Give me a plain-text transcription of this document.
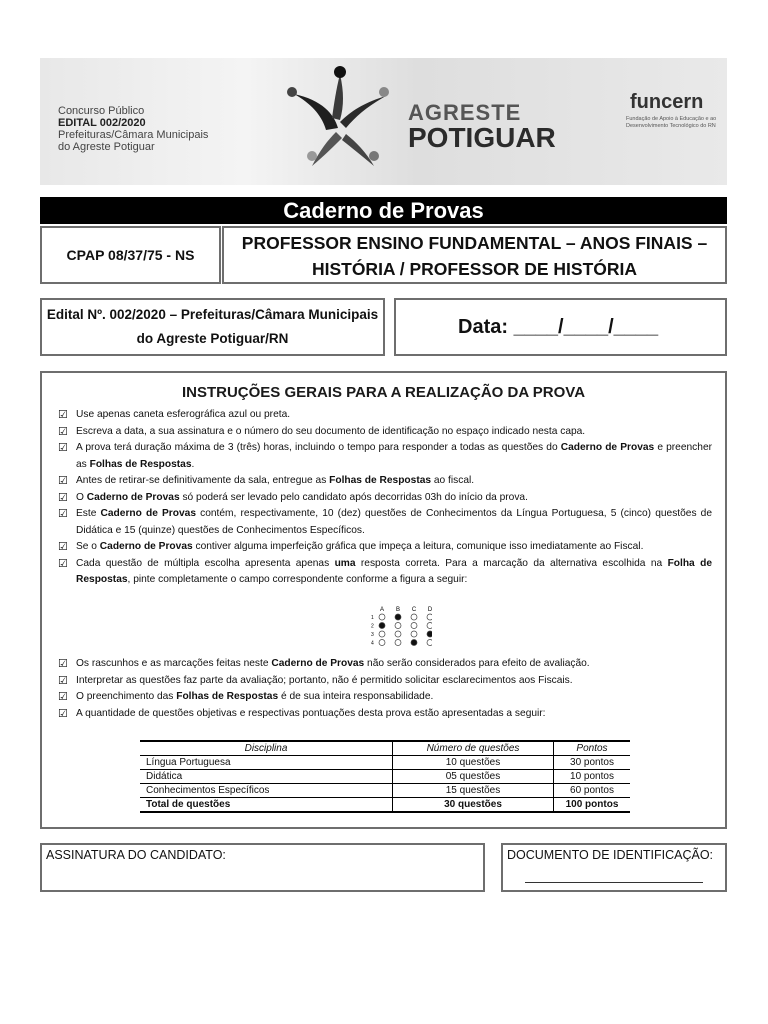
Concurso Público
EDITAL 002/2020
Prefeituras/Câmara Municipais
do Agreste Potiguar
AGRESTE
POTIGUAR
funcern
Fundação de Apoio à Educação e ao Desenvolvimento Tecnológico do RN
Caderno de Provas
CPAP 08/37/75 - NS
PROFESSOR ENSINO FUNDAMENTAL – ANOS FINAIS – HISTÓRIA / PROFESSOR DE HISTÓRIA
Edital Nº. 002/2020 – Prefeituras/Câmara Municipais do Agreste Potiguar/RN
Data: ____/____/____
INSTRUÇÕES GERAIS PARA A REALIZAÇÃO DA PROVA
☑ Use apenas caneta esferográfica azul ou preta.
☑ Escreva a data, a sua assinatura e o número do seu documento de identificação no espaço indicado nesta capa.
☑ A prova terá duração máxima de 3 (três) horas, incluindo o tempo para responder a todas as questões do Caderno de Provas e preencher as Folhas de Respostas.
☑ Antes de retirar-se definitivamente da sala, entregue as Folhas de Respostas ao fiscal.
☑ O Caderno de Provas só poderá ser levado pelo candidato após decorridas 03h do início da prova.
☑ Este Caderno de Provas contém, respectivamente, 10 (dez) questões de Conhecimentos da Língua Portuguesa, 5 (cinco) questões de Didática e 15 (quinze) questões de Conhecimentos Específicos.
☑ Se o Caderno de Provas contiver alguma imperfeição gráfica que impeça a leitura, comunique isso imediatamente ao Fiscal.
☑ Cada questão de múltipla escolha apresenta apenas uma resposta correta. Para a marcação da alternativa escolhida na Folha de Respostas, pinte completamente o campo correspondente conforme a figura a seguir:
A B C D
1
2
3
4
☑ Os rascunhos e as marcações feitas neste Caderno de Provas não serão considerados para efeito de avaliação.
☑ Interpretar as questões faz parte da avaliação; portanto, não é permitido solicitar esclarecimentos aos Fiscais.
☑ O preenchimento das Folhas de Respostas é de sua inteira responsabilidade.
☑ A quantidade de questões objetivas e respectivas pontuações desta prova estão apresentadas a seguir:
Disciplina	Número de questões	Pontos
Língua Portuguesa	10 questões	30 pontos
Didática	05 questões	10 pontos
Conhecimentos Específicos	15 questões	60 pontos
Total de questões	30 questões	100 pontos
ASSINATURA DO CANDIDATO:	DOCUMENTO DE IDENTIFICAÇÃO:
